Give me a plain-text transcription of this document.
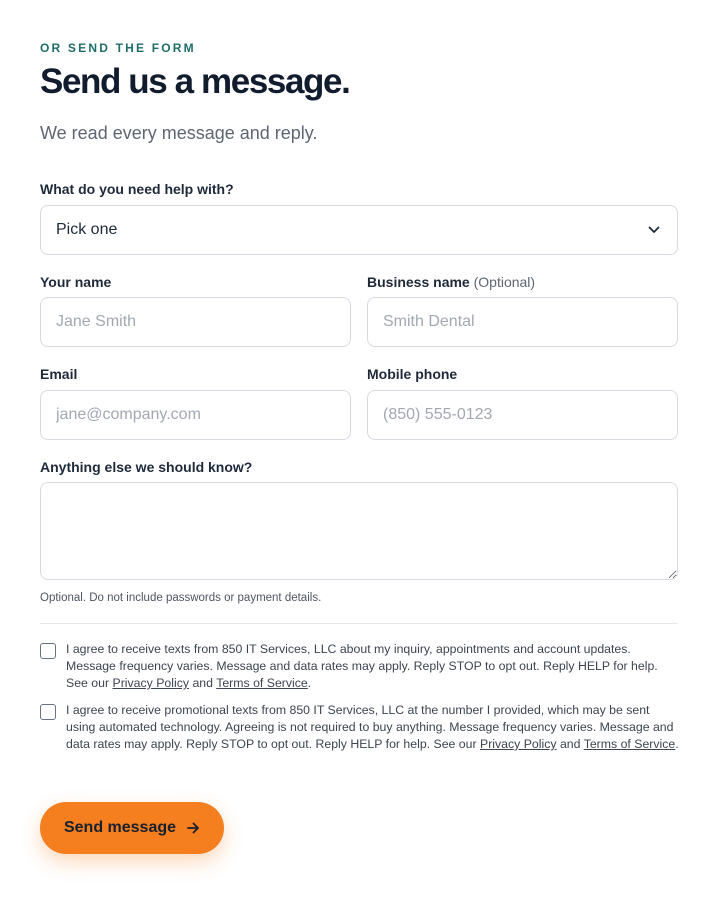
OR SEND THE FORM
Send us a message.

We read every message and reply.

What do you need help with?
Pick one
Your name
Jane Smith	Business name (Optional)
Smith Dental
Email
jane@company.com	Mobile phone
(850) 555-0123
Anything else we should know?
Optional. Do not include passwords or payment details.
I agree to receive texts from 850 IT Services, LLC about my inquiry, appointments and account updates. Message frequency varies. Message and data rates may apply. Reply STOP to opt out. Reply HELP for help. See our Privacy Policy and Terms of Service.
I agree to receive promotional texts from 850 IT Services, LLC at the number I provided, which may be sent using automated technology. Agreeing is not required to buy anything. Message frequency varies. Message and data rates may apply. Reply STOP to opt out. Reply HELP for help. See our Privacy Policy and Terms of Service.
Send message
